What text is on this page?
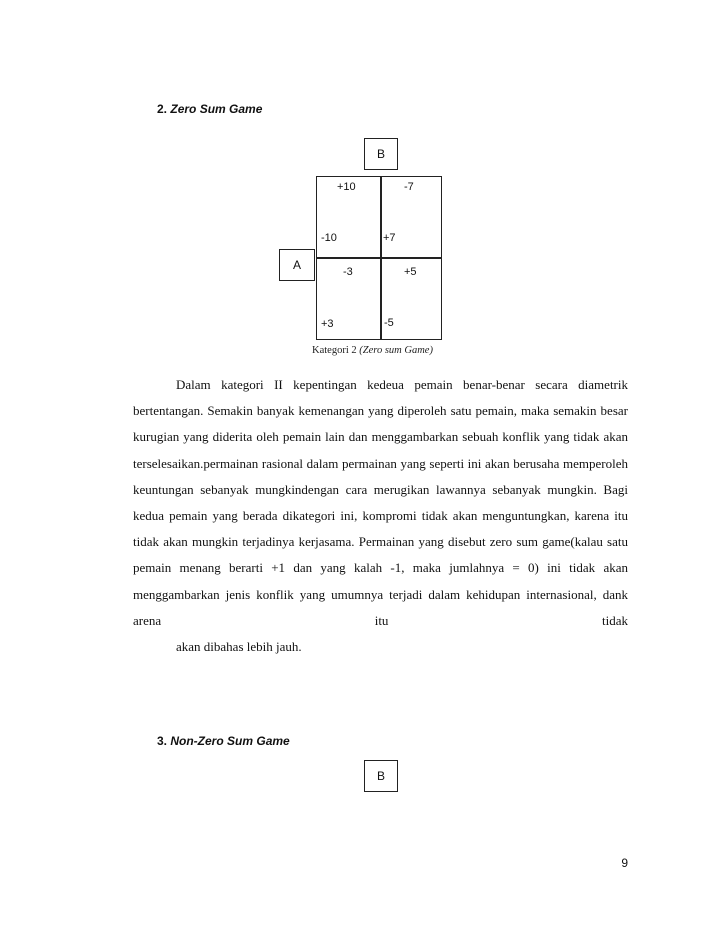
2. Zero Sum Game
B
A
+10	-7
-10	+7
-3	+5
+3	-5
Kategori 2 (Zero sum Game)

Dalam kategori II kepentingan kedeua pemain benar-benar secara diametrik bertentangan. Semakin banyak kemenangan yang diperoleh satu pemain, maka semakin besar kurugian yang diderita oleh pemain lain dan menggambarkan sebuah konflik yang tidak akan terselesaikan.permainan rasional dalam permainan yang seperti ini akan berusaha memperoleh keuntungan sebanyak mungkindengan cara merugikan lawannya sebanyak mungkin. Bagi kedua pemain yang berada dikategori ini, kompromi tidak akan menguntungkan, karena itu tidak akan mungkin terjadinya kerjasama. Permainan yang disebut zero sum game(kalau satu pemain menang berarti +1 dan yang kalah -1, maka jumlahnya = 0) ini tidak akan menggambarkan jenis konflik yang umumnya terjadi dalam kehidupan internasional, dank arena itu tidak
akan dibahas lebih jauh.

3. Non-Zero Sum Game
B
9
